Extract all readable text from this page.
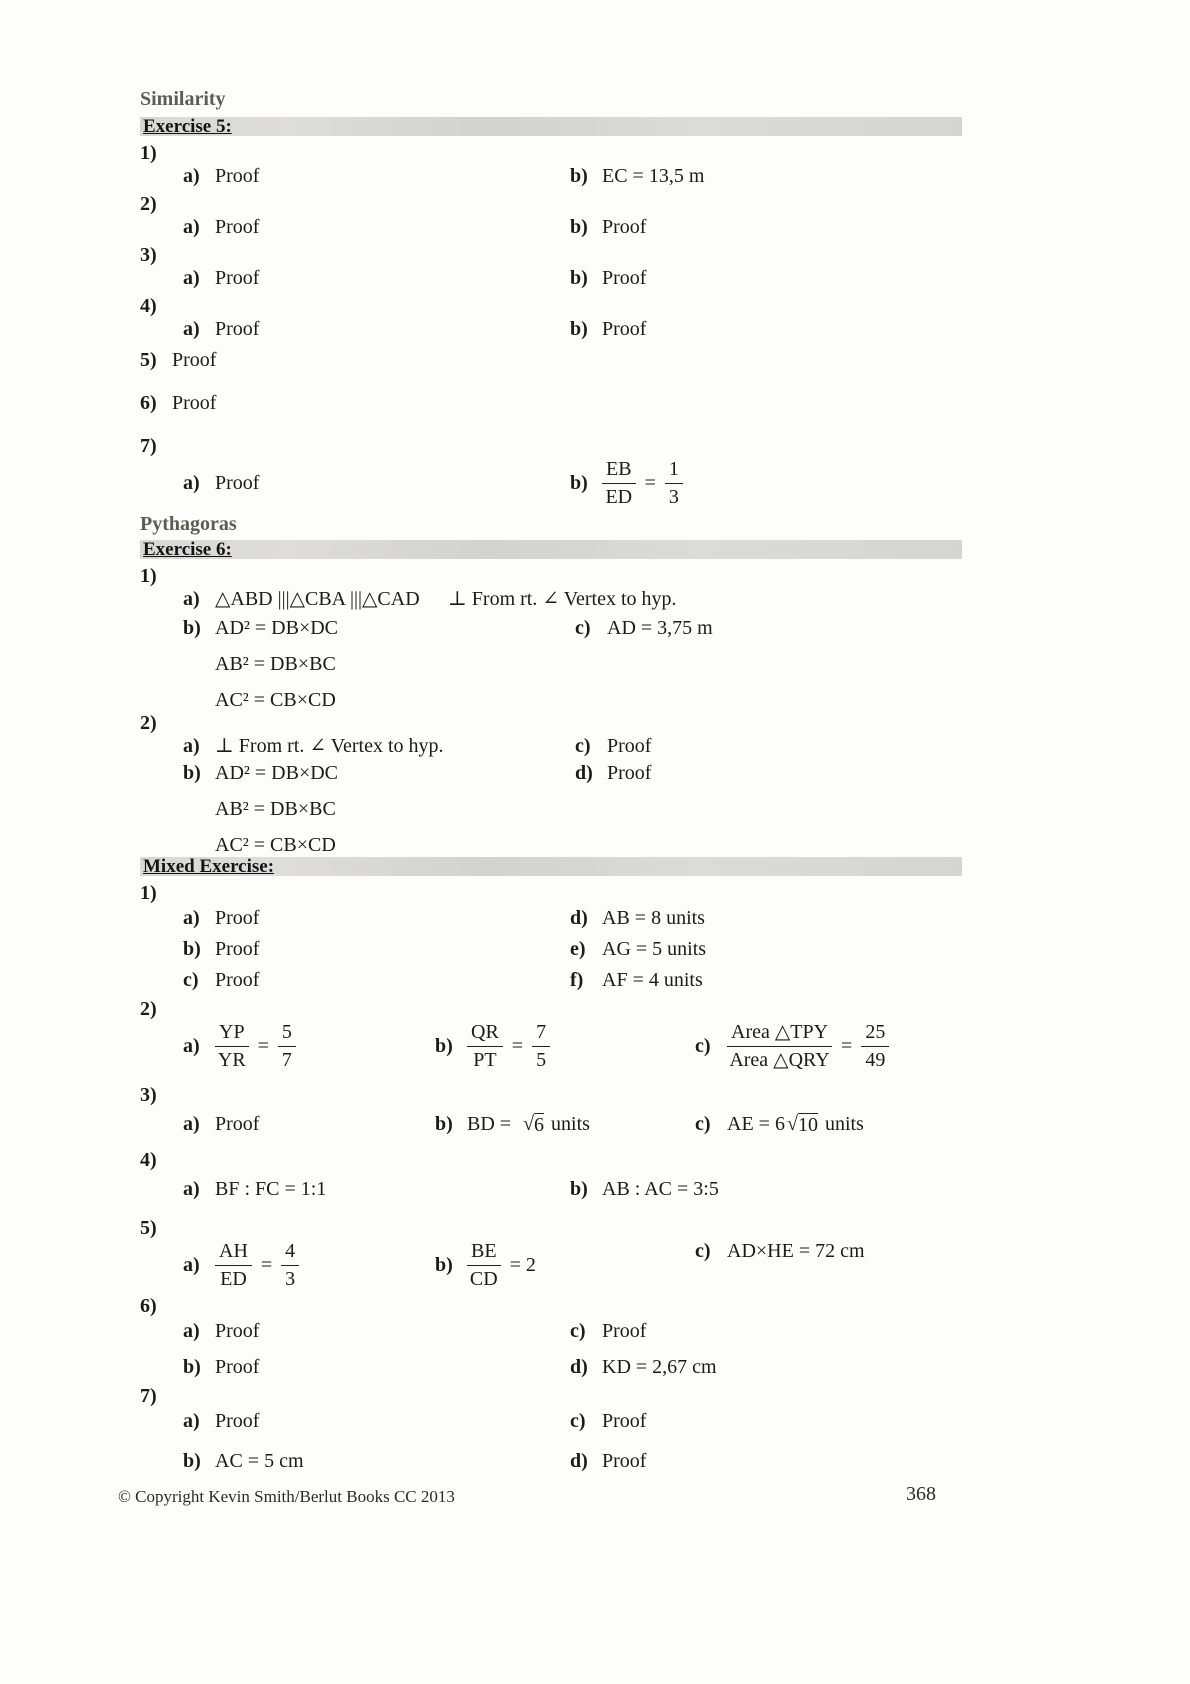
Similarity
Exercise 5:
1)
a) Proof	b) EC = 13,5 m
2)
a) Proof	b) Proof
3)
a) Proof	b) Proof
4)
a) Proof	b) Proof
5) Proof
6) Proof
7)
a) Proof	$b) \frac{EB}{ED} = \frac{1}{3}$
Pythagoras
Exercise 6:
1)
a) △ABD |||△CBA |||△CAD	⊥ From rt. ∠ Vertex to hyp.
b) AD² = DB×DC
AB² = DB×BC
AC² = CB×CD
c) AD = 3,75 m
2)
a) ⊥ From rt. ∠ Vertex to hyp.	c) Proof
b) AD² = DB×DC
AB² = DB×BC
AC² = CB×CD
d) Proof
Mixed Exercise:
1)
a) Proof	d) AB = 8 units
b) Proof	e) AG = 5 units
c) Proof	f) AF = 4 units
2)
$a) \frac{YP}{YR} = \frac{5}{7}$	$b) \frac{QR}{PT} = \frac{7}{5}$	$c) \frac{\text{Area △TPY}}{\text{Area △QRY}} = \frac{25}{49}$
3)
a) Proof	b) BD = √ 6 units	c) AE = 6 √ 10 units
4)
a) BF : FC = 1:1	b) AB : AC = 3:5
5)
$a) \frac{AH}{ED} = \frac{4}{3}$	$b) \frac{BE}{CD} = 2$
c) AD×HE = 72 cm
6)
a) Proof	c) Proof
b) Proof	d) KD = 2,67 cm
7)
a) Proof	c) Proof
b) AC = 5 cm	d) Proof
© Copyright Kevin Smith/Berlut Books CC 2013	368
